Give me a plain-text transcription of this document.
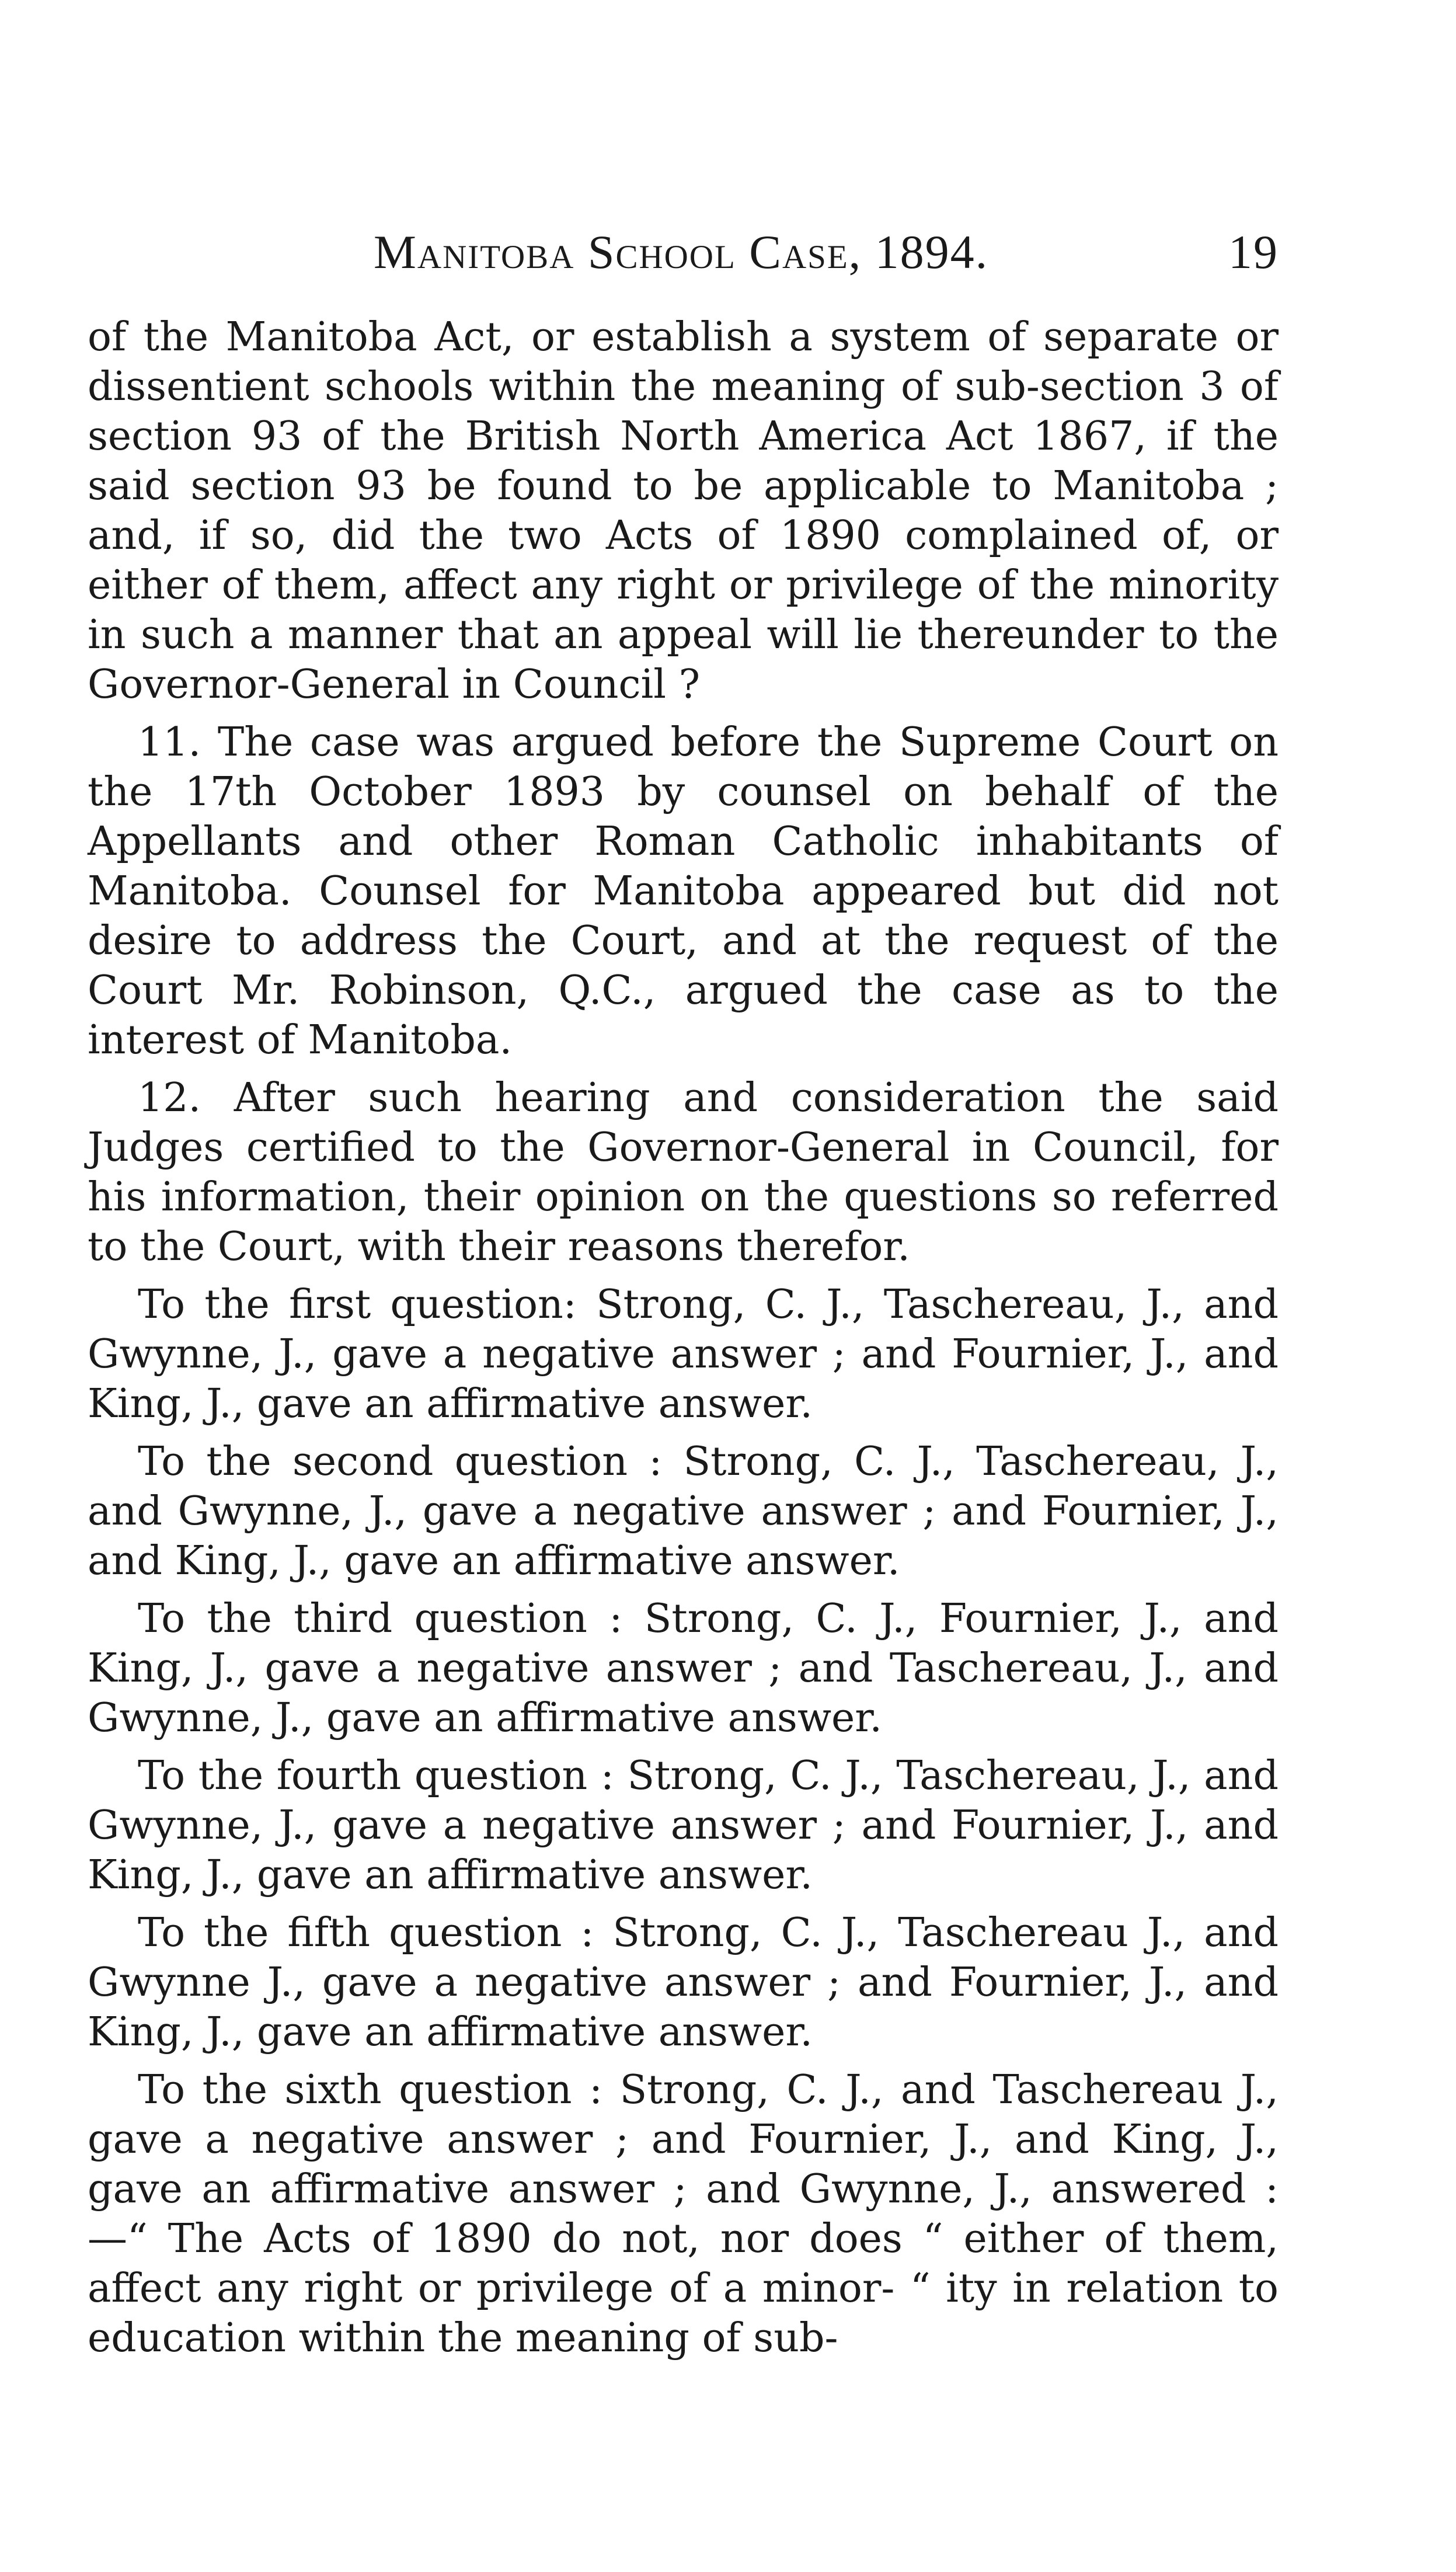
Manitoba School Case, 1894.	19

of the Manitoba Act, or establish a system of separate or dissentient schools within the meaning of sub-section 3 of section 93 of the British North America Act 1867, if the said section 93 be found to be applicable to Manitoba ; and, if so, did the two Acts of 1890 complained of, or either of them, affect any right or privilege of the minority in such a manner that an appeal will lie thereunder to the Governor-General in Council ?

11. The case was argued before the Supreme Court on the 17th October 1893 by counsel on behalf of the Appellants and other Roman Catholic inhabitants of Manitoba. Counsel for Manitoba appeared but did not desire to address the Court, and at the request of the Court Mr. Robinson, Q.C., argued the case as to the interest of Manitoba.

12. After such hearing and consideration the said Judges certified to the Governor-General in Council, for his information, their opinion on the questions so referred to the Court, with their reasons therefor.

To the first question: Strong, C. J., Taschereau, J., and Gwynne, J., gave a negative answer ; and Fournier, J., and King, J., gave an affirmative answer.

To the second question : Strong, C. J., Taschereau, J., and Gwynne, J., gave a negative answer ; and Fournier, J., and King, J., gave an affirmative answer.

To the third question : Strong, C. J., Fournier, J., and King, J., gave a negative answer ; and Taschereau, J., and Gwynne, J., gave an affirmative answer.

To the fourth question : Strong, C. J., Taschereau, J., and Gwynne, J., gave a negative answer ; and Fournier, J., and King, J., gave an affirmative answer.

To the fifth question : Strong, C. J., Taschereau J., and Gwynne J., gave a negative answer ; and Fournier, J., and King, J., gave an affirmative answer.

To the sixth question : Strong, C. J., and Taschereau J., gave a negative answer ; and Fournier, J., and King, J., gave an affirmative answer ; and Gwynne, J., answered :—“ The Acts of 1890 do not, nor does “ either of them, affect any right or privilege of a minor- “ ity in relation to education within the meaning of sub-
